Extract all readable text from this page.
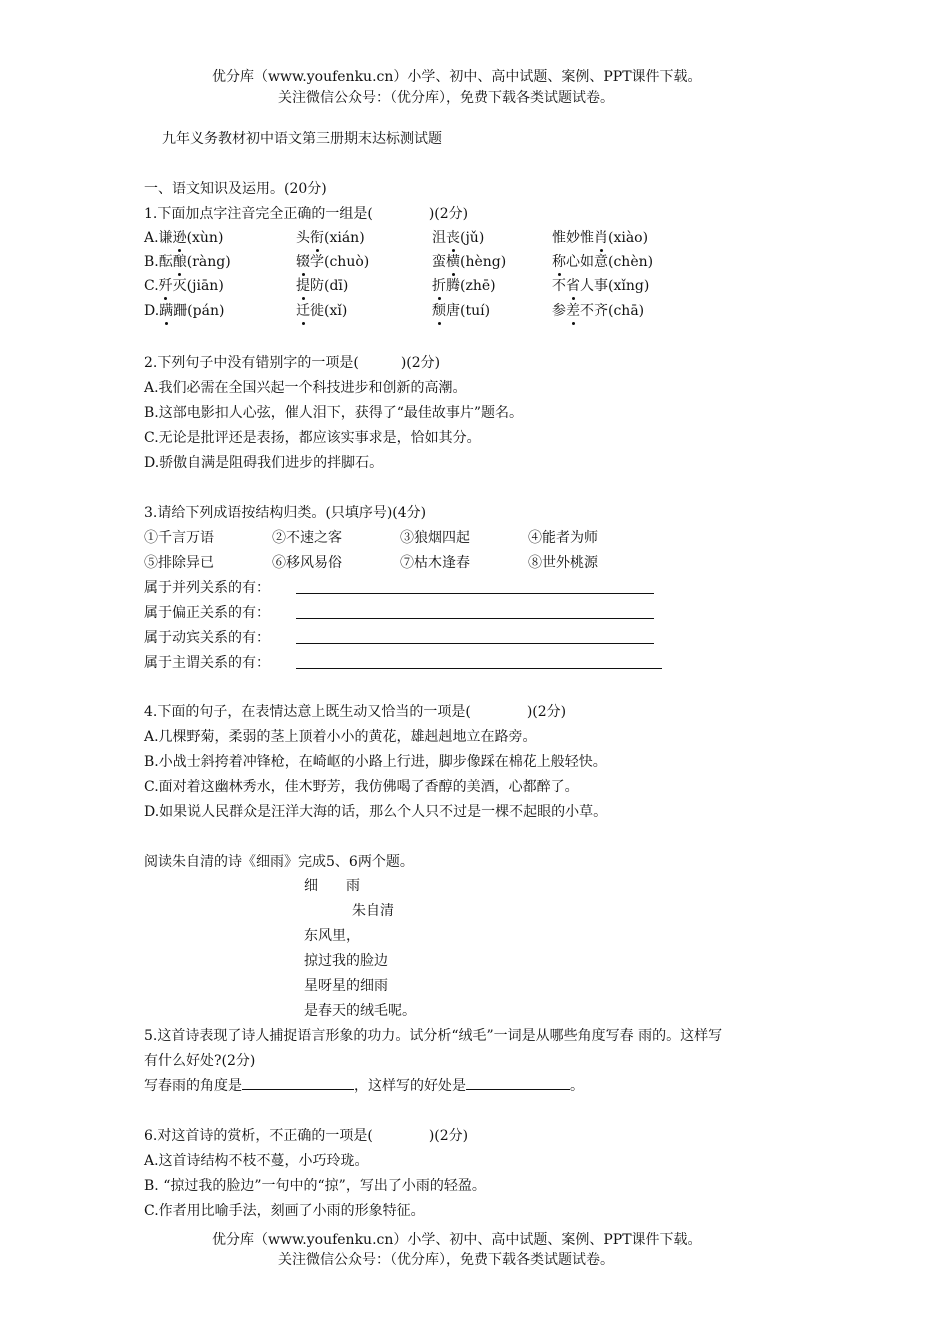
优分库（www.youfenku.cn）小学、初中、高中试题、案例、PPT课件下载。
关注微信公众号：（优分库），免费下载各类试题试卷。
九年义务教材初中语文第三册期末达标测试题
一、语文知识及运用。(20分)
1.下面加点字注音完全正确的一组是(　　　　)(2分)
A.谦逊(xùn)	头衔(xián)	沮丧(jǔ)	惟妙惟肖(xiào)
B.酝酿(ràng)	辍学(chuò)	蛮横(hèng)	称心如意(chèn)
C.歼灭(jiān)	提防(dī)	折腾(zhē)	不省人事(xǐng)
D.蹒跚(pán)	迁徙(xǐ)	颓唐(tuí)	参差不齐(chā)
2.下列句子中没有错别字的一项是(　　　)(2分)
A.我们必需在全国兴起一个科技进步和创新的高潮。
B.这部电影扣人心弦，催人泪下，获得了“最佳故事片”题名。
C.无论是批评还是表扬，都应该实事求是，恰如其分。
D.骄傲自满是阻碍我们进步的拌脚石。
3.请给下列成语按结构归类。(只填序号)(4分)
①千言万语	②不速之客	③狼烟四起	④能者为师
⑤排除异已	⑥移风易俗	⑦枯木逢春	⑧世外桃源
属于并列关系的有：
属于偏正关系的有：
属于动宾关系的有：
属于主谓关系的有：
4.下面的句子，在表情达意上既生动又恰当的一项是(　　　　)(2分)
A.几棵野菊，柔弱的茎上顶着小小的黄花，雄赳赳地立在路旁。
B.小战士斜挎着冲锋枪，在崎岖的小路上行进，脚步像踩在棉花上般轻快。
C.面对着这幽林秀水，佳木野芳，我仿佛喝了香醇的美酒，心都醉了。
D.如果说人民群众是汪洋大海的话，那么个人只不过是一棵不起眼的小草。
阅读朱自清的诗《细雨》完成5、6两个题。
细　　雨
朱自清
东风里，
掠过我的脸边
星呀星的细雨
是春天的绒毛呢。
5.这首诗表现了诗人捕捉语言形象的功力。试分析“绒毛”一词是从哪些角度写春 雨的。这样写
有什么好处?(2分)
写春雨的角度是	，这样写的好处是	。
6.对这首诗的赏析，不正确的一项是(　　　　)(2分)
A.这首诗结构不枝不蔓，小巧玲珑。
B. “掠过我的脸边”一句中的“掠”，写出了小雨的轻盈。
C.作者用比喻手法，刻画了小雨的形象特征。
优分库（www.youfenku.cn）小学、初中、高中试题、案例、PPT课件下载。
关注微信公众号：（优分库），免费下载各类试题试卷。
